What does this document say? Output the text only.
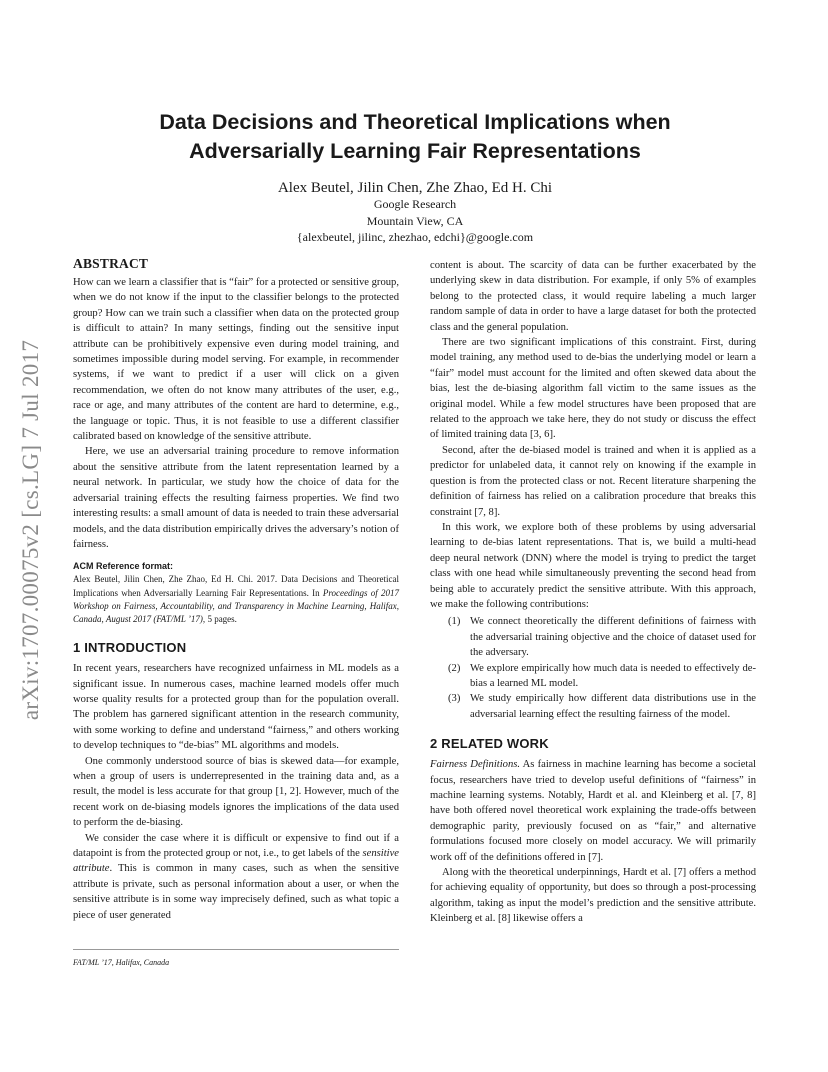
arXiv:1707.00075v2 [cs.LG] 7 Jul 2017
Data Decisions and Theoretical Implications when
Adversarially Learning Fair Representations
Alex Beutel, Jilin Chen, Zhe Zhao, Ed H. Chi
Google Research
Mountain View, CA
{alexbeutel, jilinc, zhezhao, edchi}@google.com
ABSTRACT

How can we learn a classifier that is “fair” for a protected or sensitive group, when we do not know if the input to the classifier belongs to the protected group? How can we train such a classifier when data on the protected group is difficult to attain? In many settings, finding out the sensitive input attribute can be prohibitively expensive even during model training, and sometimes impossible during model serving. For example, in recommender systems, if we want to predict if a user will click on a given recommendation, we often do not know many attributes of the user, e.g., race or age, and many attributes of the content are hard to determine, e.g., the language or topic. Thus, it is not feasible to use a different classifier calibrated based on knowledge of the sensitive attribute.

Here, we use an adversarial training procedure to remove information about the sensitive attribute from the latent representation learned by a neural network. In particular, we study how the choice of data for the adversarial training effects the resulting fairness properties. We find two interesting results: a small amount of data is needed to train these adversarial models, and the data distribution empirically drives the adversary’s notion of fairness.

ACM Reference format:
Alex Beutel, Jilin Chen, Zhe Zhao, Ed H. Chi. 2017. Data Decisions and Theoretical Implications when Adversarially Learning Fair Representations. In Proceedings of 2017 Workshop on Fairness, Accountability, and Transparency in Machine Learning, Halifax, Canada, August 2017 (FAT/ML ’17), 5 pages.
1 INTRODUCTION

In recent years, researchers have recognized unfairness in ML models as a significant issue. In numerous cases, machine learned models offer much worse quality results for a protected group than for the population overall. The problem has garnered significant attention in the research community, with some working to define and understand “fairness,” and others working to develop techniques to “de-bias” ML algorithms and models.

One commonly understood source of bias is skewed data—for example, when a group of users is underrepresented in the training data and, as a result, the model is less accurate for that group [1, 2]. However, much of the recent work on de-biasing models ignores the implications of the data used to perform the de-biasing.

We consider the case where it is difficult or expensive to find out if a datapoint is from the protected group or not, i.e., to get labels of the sensitive attribute. This is common in many cases, such as when the sensitive attribute is private, such as personal information about a user, or when the sensitive attribute is in some way imprecisely defined, such as what topic a piece of user generated

content is about. The scarcity of data can be further exacerbated by the underlying skew in data distribution. For example, if only 5% of examples belong to the protected class, it would require labeling a much larger random sample of data in order to have a large dataset for both the protected class and the general population.

There are two significant implications of this constraint. First, during model training, any method used to de-bias the underlying model or learn a “fair” model must account for the limited and often skewed data about the bias, lest the de-biasing algorithm fall victim to the same issues as the original model. While a few model structures have been proposed that are related to the approach we take here, they do not study or discuss the effect of limited training data [3, 6].

Second, after the de-biased model is trained and when it is applied as a predictor for unlabeled data, it cannot rely on knowing if the example in question is from the protected class or not. Recent literature sharpening the definition of fairness has relied on a calibration procedure that breaks this constraint [7, 8].

In this work, we explore both of these problems by using adversarial learning to de-bias latent representations. That is, we build a multi-head deep neural network (DNN) where the model is trying to predict the target class with one head while simultaneously preventing the second head from being able to accurately predict the sensitive attribute. With this approach, we make the following contributions:

(1) We connect theoretically the different definitions of fairness with the adversarial training objective and the choice of dataset used for the adversary.
(2) We explore empirically how much data is needed to effectively de-bias a learned ML model.
(3) We study empirically how different data distributions use in the adversarial learning effect the resulting fairness of the model.
2 RELATED WORK

Fairness Definitions. As fairness in machine learning has become a societal focus, researchers have tried to develop useful definitions of “fairness” in machine learning systems. Notably, Hardt et al. and Kleinberg et al. [7, 8] have both offered novel theoretical work explaining the trade-offs between demographic parity, previously focused on as “fair,” and alternative formulations focused more closely on model accuracy. We will primarily work off of the definitions offered in [7].

Along with the theoretical underpinnings, Hardt et al. [7] offers a method for achieving equality of opportunity, but does so through a post-processing algorithm, taking as input the model’s prediction and the sensitive attribute. Kleinberg et al. [8] likewise offers a

FAT/ML ’17, Halifax, Canada
